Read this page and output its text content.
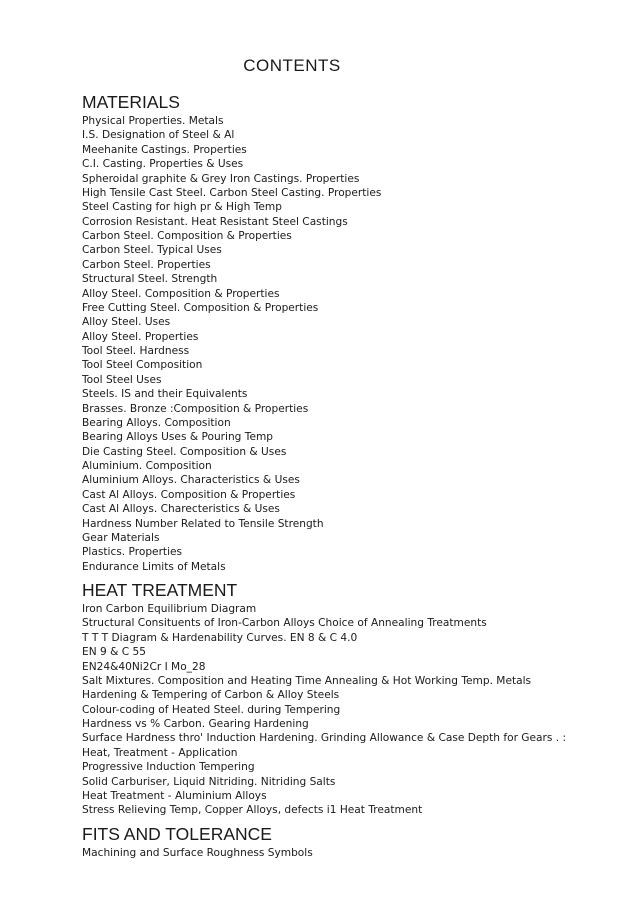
CONTENTS
MATERIALS
Physical Properties. Metals
I.S. Designation of Steel & Al
Meehanite Castings. Properties
C.I. Casting. Properties & Uses
Spheroidal graphite & Grey Iron Castings. Properties
High Tensile Cast Steel. Carbon Steel Casting. Properties
Steel Casting for high pr & High Temp
Corrosion Resistant. Heat Resistant Steel Castings
Carbon Steel. Composition & Properties
Carbon Steel. Typical Uses
Carbon Steel. Properties
Structural Steel. Strength
Alloy Steel. Composition & Properties
Free Cutting Steel. Composition & Properties
Alloy Steel. Uses
Alloy Steel. Properties
Tool Steel. Hardness
Tool Steel Composition
Tool Steel Uses
Steels. IS and their Equivalents
Brasses. Bronze :Composition & Properties
Bearing Alloys. Composition
Bearing Alloys Uses & Pouring Temp
Die Casting Steel. Composition & Uses
Aluminium. Composition
Aluminium Alloys. Characteristics & Uses
Cast Al Alloys. Composition & Properties
Cast Al Alloys. Charecteristics & Uses
Hardness Number Related to Tensile Strength
Gear Materials
Plastics. Properties
Endurance Limits of Metals
HEAT TREATMENT
Iron Carbon Equilibrium Diagram
Structural Consituents of Iron-Carbon Alloys Choice of Annealing Treatments
T T T Diagram & Hardenability Curves. EN 8 & C 4.0
EN 9 & C 55
EN24&40Ni2Cr I Mo_28
Salt Mixtures. Composition and Heating Time Annealing & Hot Working Temp. Metals
Hardening & Tempering of Carbon & Alloy Steels
Colour-coding of Heated Steel. during Tempering
Hardness vs % Carbon. Gearing Hardening
Surface Hardness thro' Induction Hardening. Grinding Allowance & Case Depth for Gears . :
Heat, Treatment - Application
Progressive Induction Tempering
Solid Carburiser, Liquid Nitriding. Nitriding Salts
Heat Treatment - Aluminium Alloys
Stress Relieving Temp, Copper Alloys, defects i1 Heat Treatment
FITS AND TOLERANCE
Machining and Surface Roughness Symbols
